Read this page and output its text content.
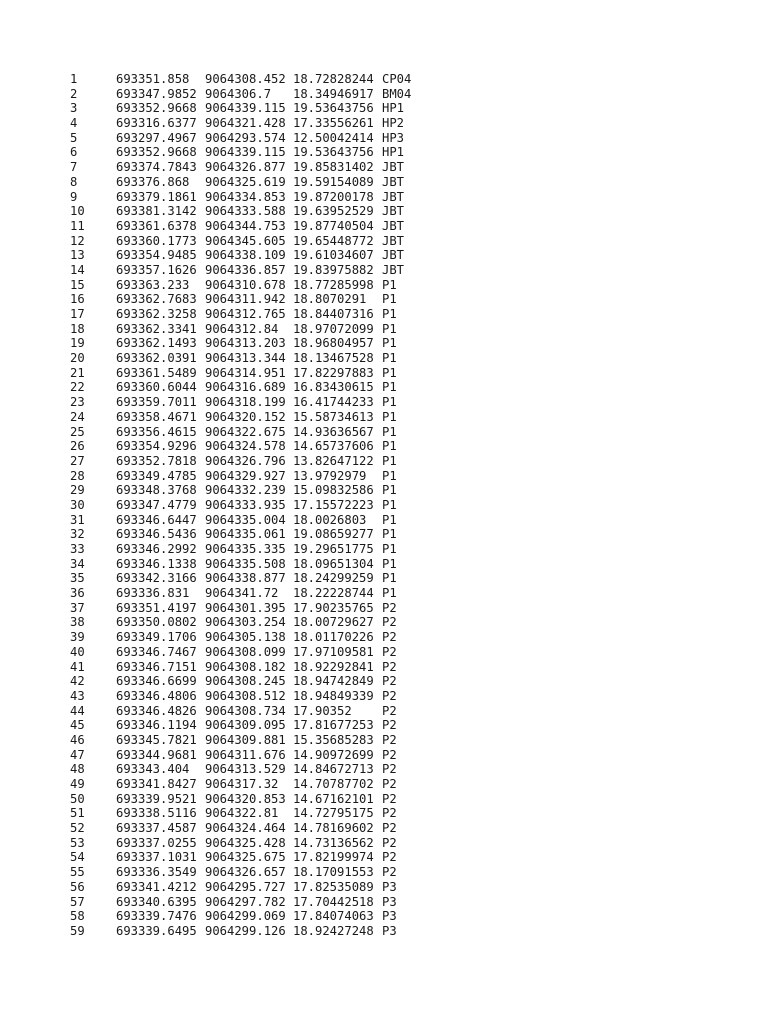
1	693351.858 9064308.452 18.72828244 CP04
2	693347.9852 9064306.7 18.34946917 BM04
3	693352.9668 9064339.115 19.53643756 HP1
4	693316.6377 9064321.428 17.33556261 HP2
5	693297.4967 9064293.574 12.50042414 HP3
6	693352.9668 9064339.115 19.53643756 HP1
7	693374.7843 9064326.877 19.85831402 JBT
8	693376.868 9064325.619 19.59154089 JBT
9	693379.1861 9064334.853 19.87200178 JBT
10	693381.3142 9064333.588 19.63952529 JBT
11	693361.6378 9064344.753 19.87740504 JBT
12	693360.1773 9064345.605 19.65448772 JBT
13	693354.9485 9064338.109 19.61034607 JBT
14	693357.1626 9064336.857 19.83975882 JBT
15	693363.233 9064310.678 18.77285998 P1
16	693362.7683 9064311.942 18.8070291 P1
17	693362.3258 9064312.765 18.84407316 P1
18	693362.3341 9064312.84 18.97072099 P1
19	693362.1493 9064313.203 18.96804957 P1
20	693362.0391 9064313.344 18.13467528 P1
21	693361.5489 9064314.951 17.82297883 P1
22	693360.6044 9064316.689 16.83430615 P1
23	693359.7011 9064318.199 16.41744233 P1
24	693358.4671 9064320.152 15.58734613 P1
25	693356.4615 9064322.675 14.93636567 P1
26	693354.9296 9064324.578 14.65737606 P1
27	693352.7818 9064326.796 13.82647122 P1
28	693349.4785 9064329.927 13.9792979 P1
29	693348.3768 9064332.239 15.09832586 P1
30	693347.4779 9064333.935 17.15572223 P1
31	693346.6447 9064335.004 18.0026803 P1
32	693346.5436 9064335.061 19.08659277 P1
33	693346.2992 9064335.335 19.29651775 P1
34	693346.1338 9064335.508 18.09651304 P1
35	693342.3166 9064338.877 18.24299259 P1
36	693336.831 9064341.72 18.22228744 P1
37	693351.4197 9064301.395 17.90235765 P2
38	693350.0802 9064303.254 18.00729627 P2
39	693349.1706 9064305.138 18.01170226 P2
40	693346.7467 9064308.099 17.97109581 P2
41	693346.7151 9064308.182 18.92292841 P2
42	693346.6699 9064308.245 18.94742849 P2
43	693346.4806 9064308.512 18.94849339 P2
44	693346.4826 9064308.734 17.90352 P2
45	693346.1194 9064309.095 17.81677253 P2
46	693345.7821 9064309.881 15.35685283 P2
47	693344.9681 9064311.676 14.90972699 P2
48	693343.404 9064313.529 14.84672713 P2
49	693341.8427 9064317.32 14.70787702 P2
50	693339.9521 9064320.853 14.67162101 P2
51	693338.5116 9064322.81 14.72795175 P2
52	693337.4587 9064324.464 14.78169602 P2
53	693337.0255 9064325.428 14.73136562 P2
54	693337.1031 9064325.675 17.82199974 P2
55	693336.3549 9064326.657 18.17091553 P2
56	693341.4212 9064295.727 17.82535089 P3
57	693340.6395 9064297.782 17.70442518 P3
58	693339.7476 9064299.069 17.84074063 P3
59	693339.6495 9064299.126 18.92427248 P3
